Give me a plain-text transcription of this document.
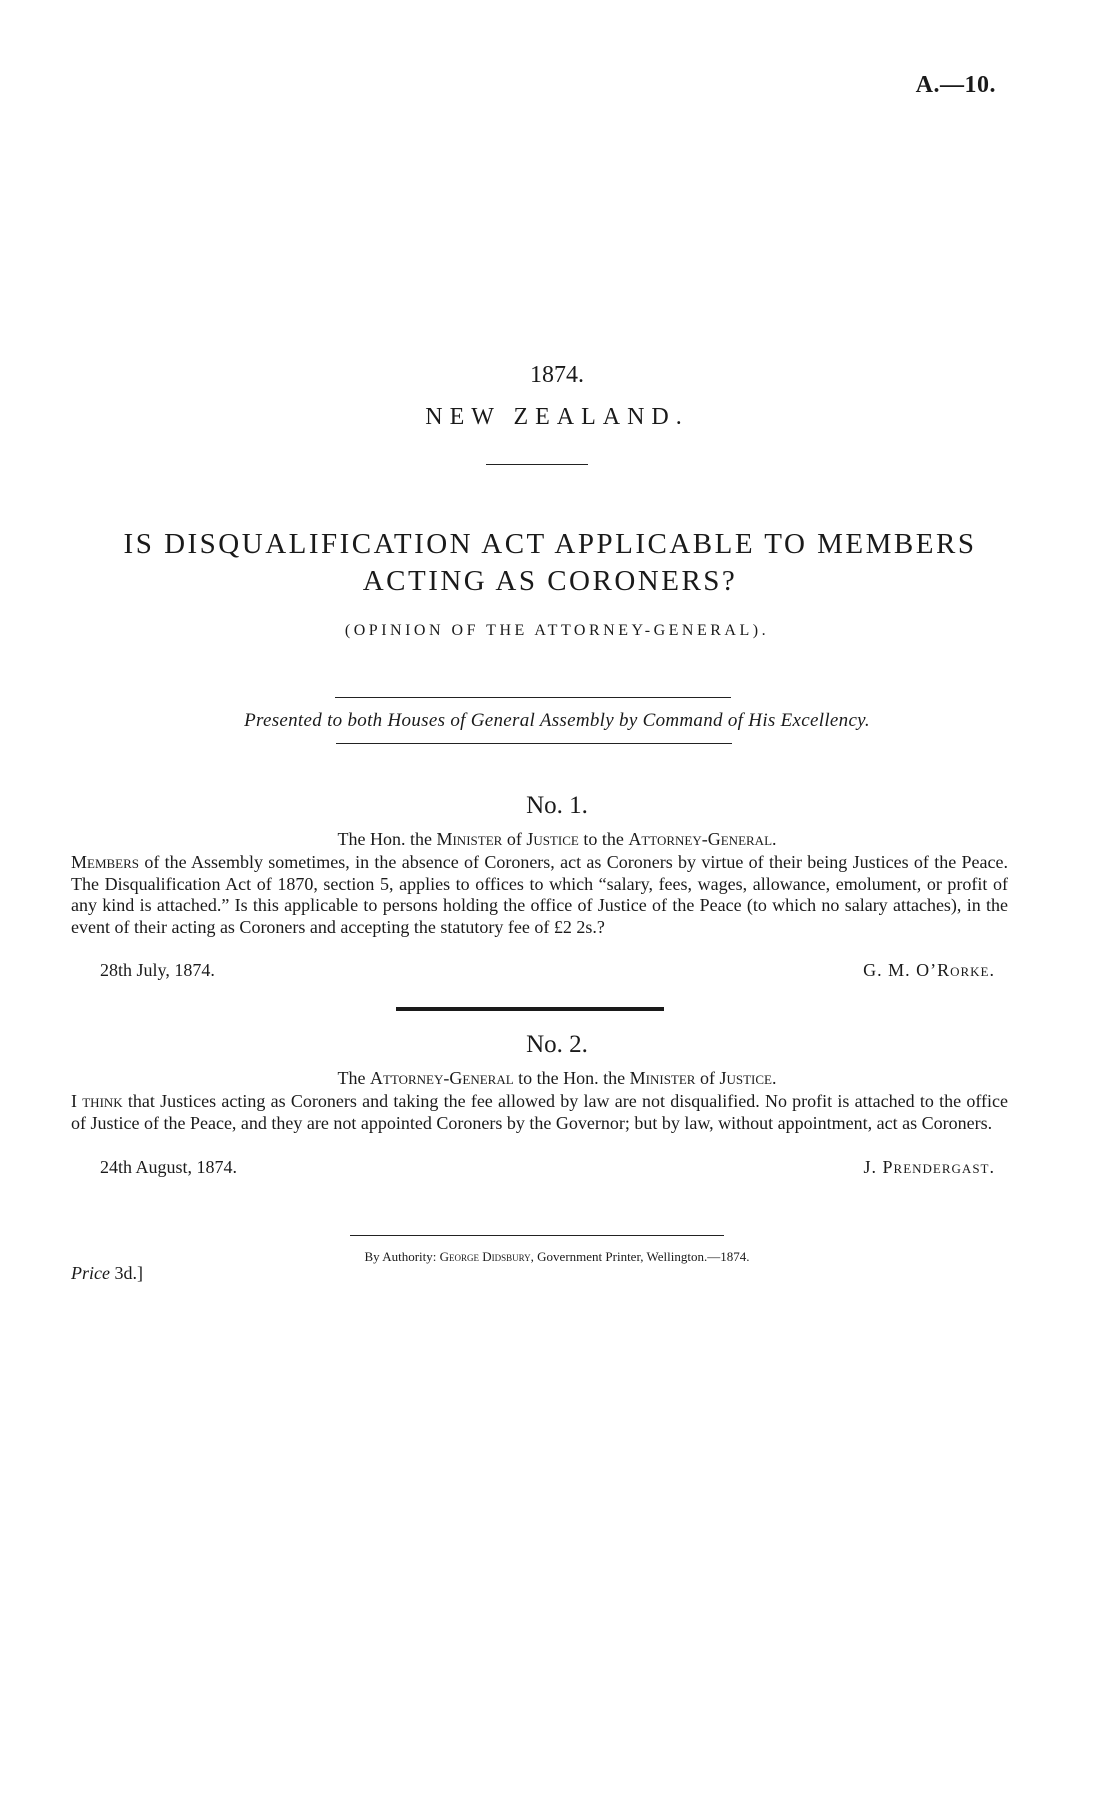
A.—10.
1874.
NEW ZEALAND.
IS DISQUALIFICATION ACT APPLICABLE TO MEMBERS
ACTING AS CORONERS?
(OPINION OF THE ATTORNEY-GENERAL).
Presented to both Houses of General Assembly by Command of His Excellency.
No. 1.
The Hon. the Minister of Justice to the Attorney-General.
Members of the Assembly sometimes, in the absence of Coroners, act as Coroners by virtue of their being Justices of the Peace. The Disqualification Act of 1870, section 5, applies to offices to which “salary, fees, wages, allowance, emolument, or profit of any kind is attached.” Is this applicable to persons holding the office of Justice of the Peace (to which no salary attaches), in the event of their acting as Coroners and accepting the statutory fee of £2 2s.?
28th July, 1874.	G. M. O’Rorke.
No. 2.
The Attorney-General to the Hon. the Minister of Justice.
I think that Justices acting as Coroners and taking the fee allowed by law are not disqualified. No profit is attached to the office of Justice of the Peace, and they are not appointed Coroners by the Governor; but by law, without appointment, act as Coroners.
24th August, 1874.	J. Prendergast.
Price 3d.]
By Authority: George Didsbury, Government Printer, Wellington.—1874.
